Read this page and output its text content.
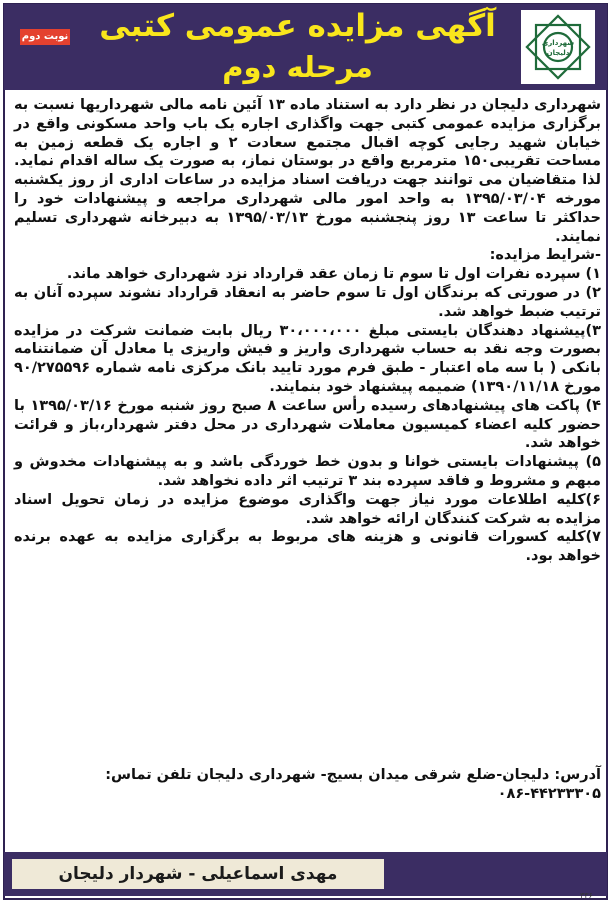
نوبت دوم	آگهی مزایده عمومی کتبی
مرحله دوم
شهرداری
دلیجان

شهرداری دلیجان در نظر دارد به استناد ماده ۱۳ آئین نامه مالی شهرداریها نسبت به برگزاری مزایده عمومی کتبی جهت واگذاری اجاره یک باب واحد مسکونی واقع در خیابان شهید رجایی کوچه اقبال مجتمع سعادت ۲ و اجاره یک قطعه زمین به مساحت تقریبی۱۵۰ مترمربع واقع در بوستان نماز، به صورت یک ساله اقدام نماید. لذا متقاضیان می توانند جهت دریافت اسناد مزایده در ساعات اداری از روز یکشنبه مورخه ۱۳۹۵/۰۳/۰۴ به واحد امور مالی شهرداری مراجعه و پیشنهادات خود را حداکثر تا ساعت ۱۳ روز پنجشنبه مورخ ۱۳۹۵/۰۳/۱۳ به دبیرخانه شهرداری تسلیم نمایند.

-شرایط مزایده:

۱) سپرده نفرات اول تا سوم تا زمان عقد قرارداد نزد شهرداری خواهد ماند.

۲) در صورتی که برندگان اول تا سوم حاضر به انعقاد قرارداد نشوند سپرده آنان به ترتیب ضبط خواهد شد.

۳)پیشنهاد دهندگان بایستی مبلغ ۳۰،۰۰۰،۰۰۰ ریال بابت ضمانت شرکت در مزایده بصورت وجه نقد به حساب شهرداری واریز و فیش واریزی یا معادل آن ضمانتنامه بانکی ( با سه ماه اعتبار - طبق فرم مورد تایید بانک مرکزی نامه شماره ۹۰/۲۷۵۵۹۶ مورخ ۱۳۹۰/۱۱/۱۸) ضمیمه پیشنهاد خود بنمایند.

۴) پاکت های پیشنهادهای رسیده رأس ساعت ۸ صبح روز شنبه مورخ ۱۳۹۵/۰۳/۱۶ با حضور کلیه اعضاء کمیسیون معاملات شهرداری در محل دفتر شهردار،باز و قرائت خواهد شد.

۵) پیشنهادات بایستی خوانا و بدون خط خوردگی باشد و به پیشنهادات مخدوش و مبهم و مشروط و فاقد سپرده بند ۳ ترتیب اثر داده نخواهد شد.

۶)کلیه اطلاعات مورد نیاز جهت واگذاری موضوع مزایده در زمان تحویل اسناد مزایده به شرکت کنندگان ارائه خواهد شد.

۷)کلیه کسورات قانونی و هزینه های مربوط به برگزاری مزایده به عهده برنده خواهد بود.

آدرس: دلیجان-ضلع شرقی میدان بسیج- شهرداری دلیجان تلفن تماس:
۰۸۶-۴۴۲۳۳۳۰۵
مهدی اسماعیلی - شهردار دلیجان
۳۳۶
